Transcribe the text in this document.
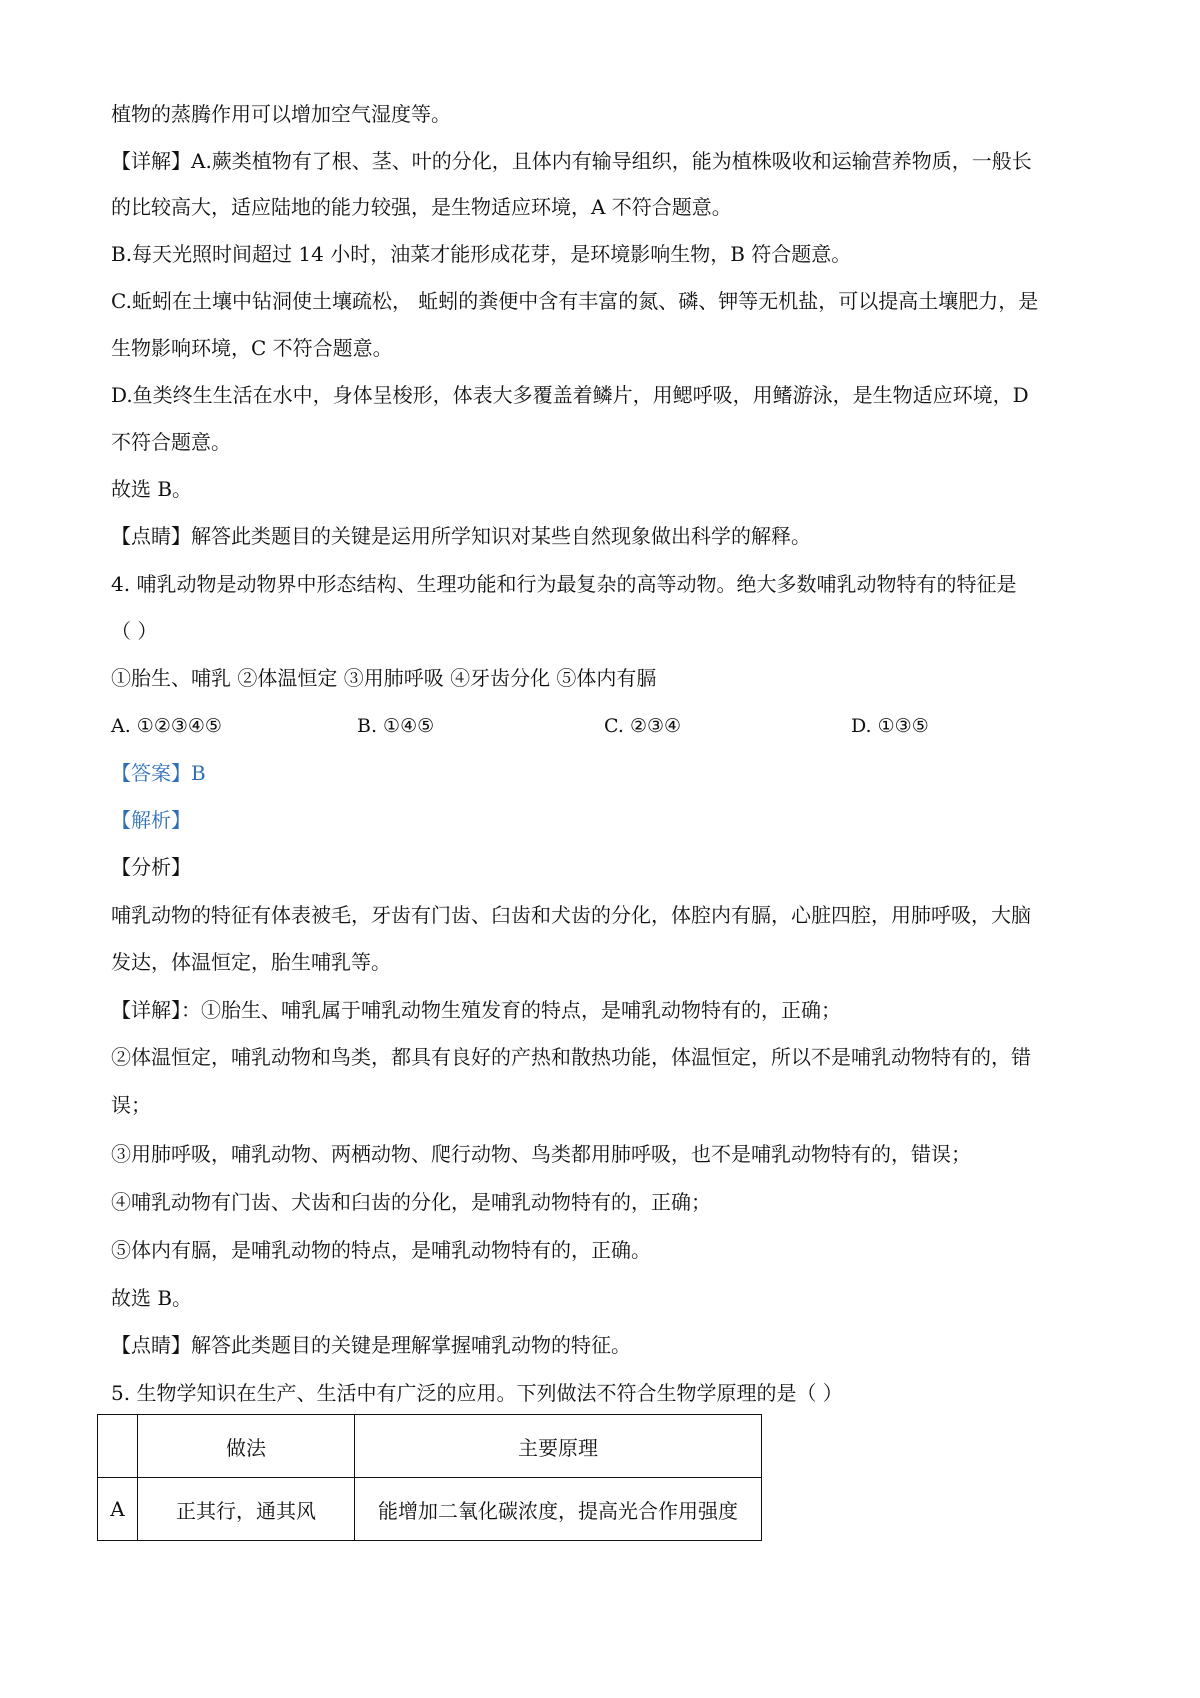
植物的蒸腾作用可以增加空气湿度等。
【详解】A.蕨类植物有了根、茎、叶的分化，且体内有输导组织，能为植株吸收和运输营养物质，一般长
的比较高大，适应陆地的能力较强，是生物适应环境，A 不符合题意。
B.每天光照时间超过 14 小时，油菜才能形成花芽，是环境影响生物，B 符合题意。
C.蚯蚓在土壤中钻洞使土壤疏松， 蚯蚓的粪便中含有丰富的氮、磷、钾等无机盐，可以提高土壤肥力，是
生物影响环境，C 不符合题意。
D.鱼类终生生活在水中，身体呈梭形，体表大多覆盖着鳞片，用鳃呼吸，用鳍游泳，是生物适应环境，D
不符合题意。
故选 B。
【点睛】解答此类题目的关键是运用所学知识对某些自然现象做出科学的解释。
4. 哺乳动物是动物界中形态结构、生理功能和行为最复杂的高等动物。绝大多数哺乳动物特有的特征是
（ ）
①胎生、哺乳 ②体温恒定 ③用肺呼吸 ④牙齿分化 ⑤体内有膈
A. ①②③④⑤	B. ①④⑤	C. ②③④	D. ①③⑤
【答案】B
【解析】
【分析】
哺乳动物的特征有体表被毛，牙齿有门齿、臼齿和犬齿的分化，体腔内有膈，心脏四腔，用肺呼吸，大脑
发达，体温恒定，胎生哺乳等。
【详解】：①胎生、哺乳属于哺乳动物生殖发育的特点，是哺乳动物特有的，正确；
②体温恒定，哺乳动物和鸟类，都具有良好的产热和散热功能，体温恒定，所以不是哺乳动物特有的，错
误；
③用肺呼吸，哺乳动物、两栖动物、爬行动物、鸟类都用肺呼吸，也不是哺乳动物特有的，错误；
④哺乳动物有门齿、犬齿和臼齿的分化，是哺乳动物特有的，正确；
⑤体内有膈，是哺乳动物的特点，是哺乳动物特有的，正确。
故选 B。
【点睛】解答此类题目的关键是理解掌握哺乳动物的特征。
5. 生物学知识在生产、生活中有广泛的应用。下列做法不符合生物学原理的是（ ）
	做法	主要原理
A	正其行，通其风	能增加二氧化碳浓度，提高光合作用强度
